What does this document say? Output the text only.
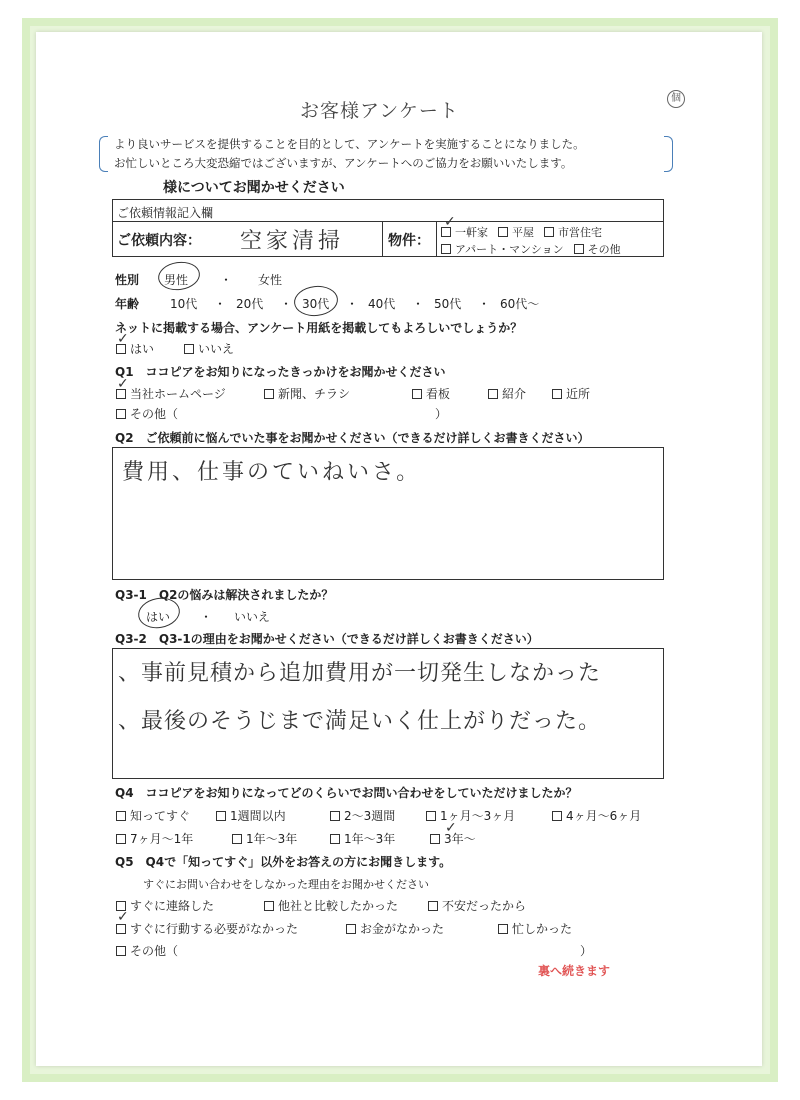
お客様アンケート
個
より良いサービスを提供することを目的として、アンケートを実施することになりました。
お忙しいところ大変恐縮ではございますが、アンケートへのご協力をお願いいたします。
様についてお聞かせください
ご依頼情報記入欄
ご依頼内容： 空家清掃	物件：
一軒家 平屋 市営住宅
アパート・マンション その他
✓
性別 男性	・ 女性
年齢	10代	・ 20代	・ 30代	・ 40代	・ 50代	・ 60代〜
ネットに掲載する場合、アンケート用紙を掲載してもよろしいでしょうか？
はい	いいえ
✓
Q1　ココピアをお知りになったきっかけをお聞かせください
当社ホームページ	新聞、チラシ	看板	紹介	近所
✓
その他（	）
Q2　ご依頼前に悩んでいた事をお聞かせください（できるだけ詳しくお書きください）
費用、仕事のていねいさ。
Q3-1　Q2の悩みは解決されましたか？
はい ・ いいえ
Q3-2　Q3-1の理由をお聞かせください（できるだけ詳しくお書きください）
、事前見積から追加費用が一切発生しなかった
、最後のそうじまで満足いく仕上がりだった。
Q4　ココピアをお知りになってどのくらいでお問い合わせをしていただけましたか？
知ってすぐ	1週間以内	2〜3週間	1ヶ月〜3ヶ月	4ヶ月〜6ヶ月
7ヶ月〜1年	1年〜3年	1年〜3年	3年〜
✓
Q5　Q4で「知ってすぐ」以外をお答えの方にお聞きします。
すぐにお問い合わせをしなかった理由をお聞かせください
すぐに連絡した	他社と比較したかった	不安だったから
すぐに行動する必要がなかった	お金がなかった	忙しかった
✓
その他（	）
裏へ続きます
